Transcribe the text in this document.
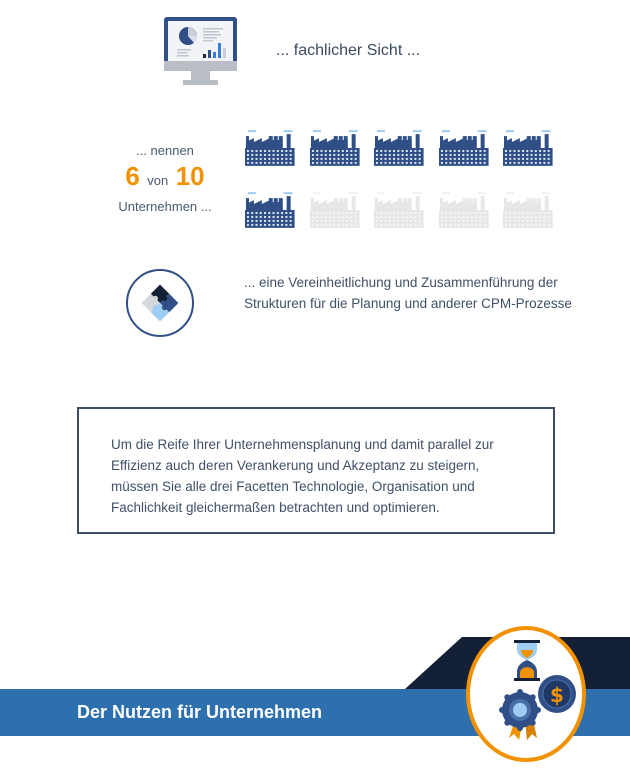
... fachlicher Sicht ...
... nennen
6 von 10
Unternehmen ...
... eine Vereinheitlichung und Zusammenführung der Strukturen für die Planung und anderer CPM-Prozesse

Um die Reife Ihrer Unternehmensplanung und damit parallel zur Effizienz auch deren Verankerung und Akzeptanz zu steigern, müssen Sie alle drei Facetten Technologie, Organisation und Fachlichkeit gleichermaßen betrachten und optimieren.

Der Nutzen für Unternehmen
$
